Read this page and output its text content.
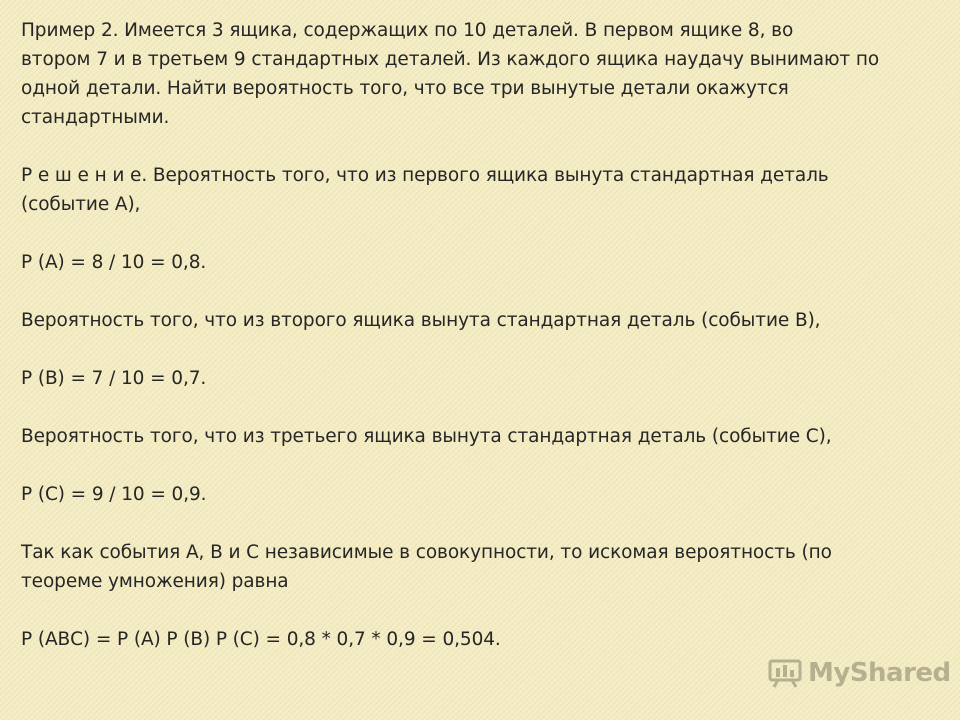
Пример 2. Имеется 3 ящика, содержащих по 10 деталей. В первом ящике 8, во
втором 7 и в третьем 9 стандартных деталей. Из каждого ящика наудачу вынимают по
одной детали. Найти вероятность того, что все три вынутые детали окажутся
стандартными.
Р е ш е н и е. Вероятность того, что из первого ящика вынута стандартная деталь
(событие А),
Р (А) = 8 / 10 = 0,8.
Вероятность того, что из второго ящика вынута стандартная деталь (событие В),
Р (В) = 7 / 10 = 0,7.
Вероятность того, что из третьего ящика вынута стандартная деталь (событие С),
Р (С) = 9 / 10 = 0,9.
Так как события А, В и С независимые в совокупности, то искомая вероятность (по
теореме умножения) равна
Р (АВС) = Р (А) Р (В) Р (С) = 0,8 * 0,7 * 0,9 = 0,504.
MyShared
